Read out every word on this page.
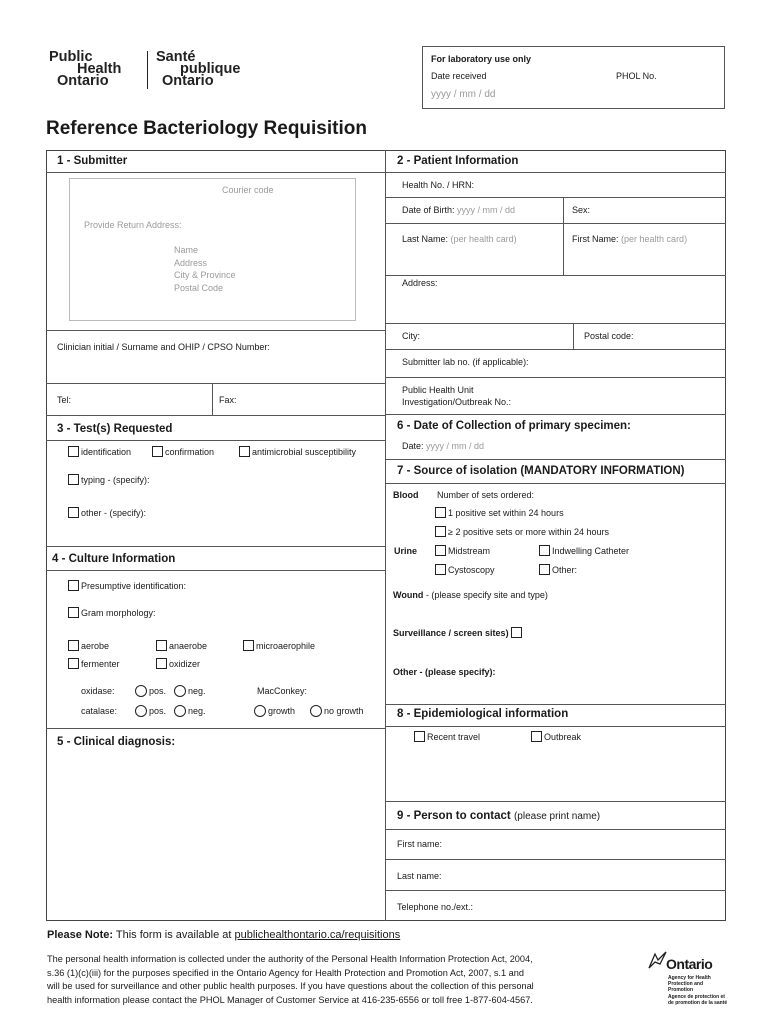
Public
Health
Ontario
Santé
publique
Ontario
For laboratory use only
Date received	PHOL No.
yyyy / mm / dd
Reference Bacteriology Requisition
1 - Submitter
Courier code
Provide Return Address:
Name
Address
City & Province
Postal Code
Clinician initial / Surname and OHIP / CPSO Number:
Tel:	Fax:
3 - Test(s) Requested
identification	confirmation	antimicrobial susceptibility
typing - (specify):
other - (specify):
4 - Culture Information
Presumptive identification:
Gram morphology:
aerobe	anaerobe	microaerophile
fermenter	oxidizer
oxidase:	pos.	neg.	MacConkey:
catalase:	pos.	neg.	growth	no growth
5 - Clinical diagnosis:
2 - Patient Information
Health No. / HRN:
Date of Birth: yyyy / mm / dd	Sex:
Last Name: (per health card)	First Name: (per health card)
Address:
City:	Postal code:
Submitter lab no. (if applicable):
Public Health Unit
Investigation/Outbreak No.:
6 - Date of Collection of primary specimen:
Date: yyyy / mm / dd
7 - Source of isolation (MANDATORY INFORMATION)
Blood Number of sets ordered:
1 positive set within 24 hours
≥ 2 positive sets or more within 24 hours
Urine	Midstream	Indwelling Catheter
Cystoscopy	Other:
Wound - (please specify site and type)
Surveillance / screen sites)
Other - (please specify):
8 - Epidemiological information
Recent travel	Outbreak
9 - Person to contact (please print name)
First name:
Last name:
Telephone no./ext.:
Please Note: This form is available at publichealthontario.ca/requisitions
The personal health information is collected under the authority of the Personal Health Information Protection Act, 2004,
s.36 (1)(c)(iii) for the purposes specified in the Ontario Agency for Health Protection and Promotion Act, 2007, s.1 and
will be used for surveillance and other public health purposes. If you have questions about the collection of this personal
health information please contact the PHOL Manager of Customer Service at 416-235-6556 or toll free 1-877-604-4567.
Ontario
Agency for Health
Protection and Promotion
Agence de protection et
de promotion de la santé
